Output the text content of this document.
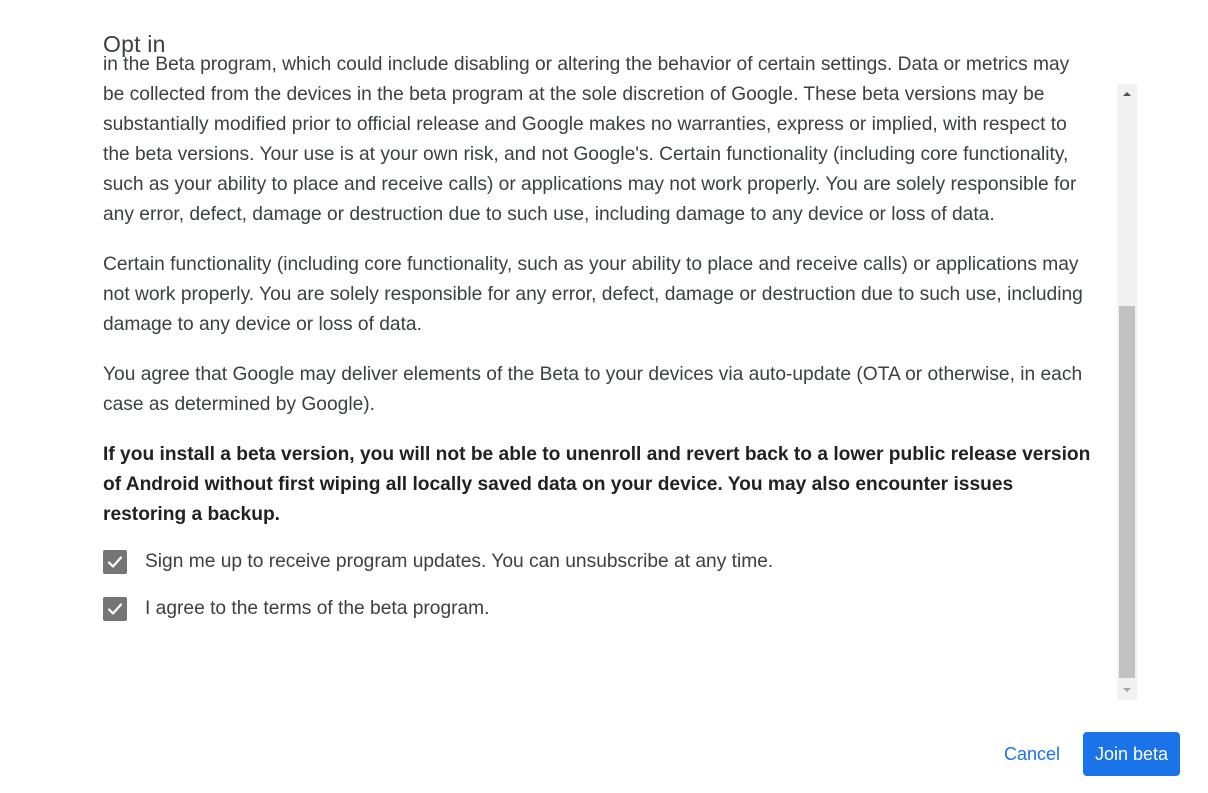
Opt in

in the Beta program, which could include disabling or altering the behavior of certain settings. Data or metrics may be collected from the devices in the beta program at the sole discretion of Google. These beta versions may be substantially modified prior to official release and Google makes no warranties, express or implied, with respect to the beta versions. Your use is at your own risk, and not Google's. Certain functionality (including core functionality, such as your ability to place and receive calls) or applications may not work properly. You are solely responsible for any error, defect, damage or destruction due to such use, including damage to any device or loss of data.

Certain functionality (including core functionality, such as your ability to place and receive calls) or applications may not work properly. You are solely responsible for any error, defect, damage or destruction due to such use, including damage to any device or loss of data.

You agree that Google may deliver elements of the Beta to your devices via auto-update (OTA or otherwise, in each case as determined by Google).

If you install a beta version, you will not be able to unenroll and revert back to a lower public release version of Android without first wiping all locally saved data on your device. You may also encounter issues restoring a backup.

Sign me up to receive program updates. You can unsubscribe at any time.
I agree to the terms of the beta program.
Cancel	Join beta
